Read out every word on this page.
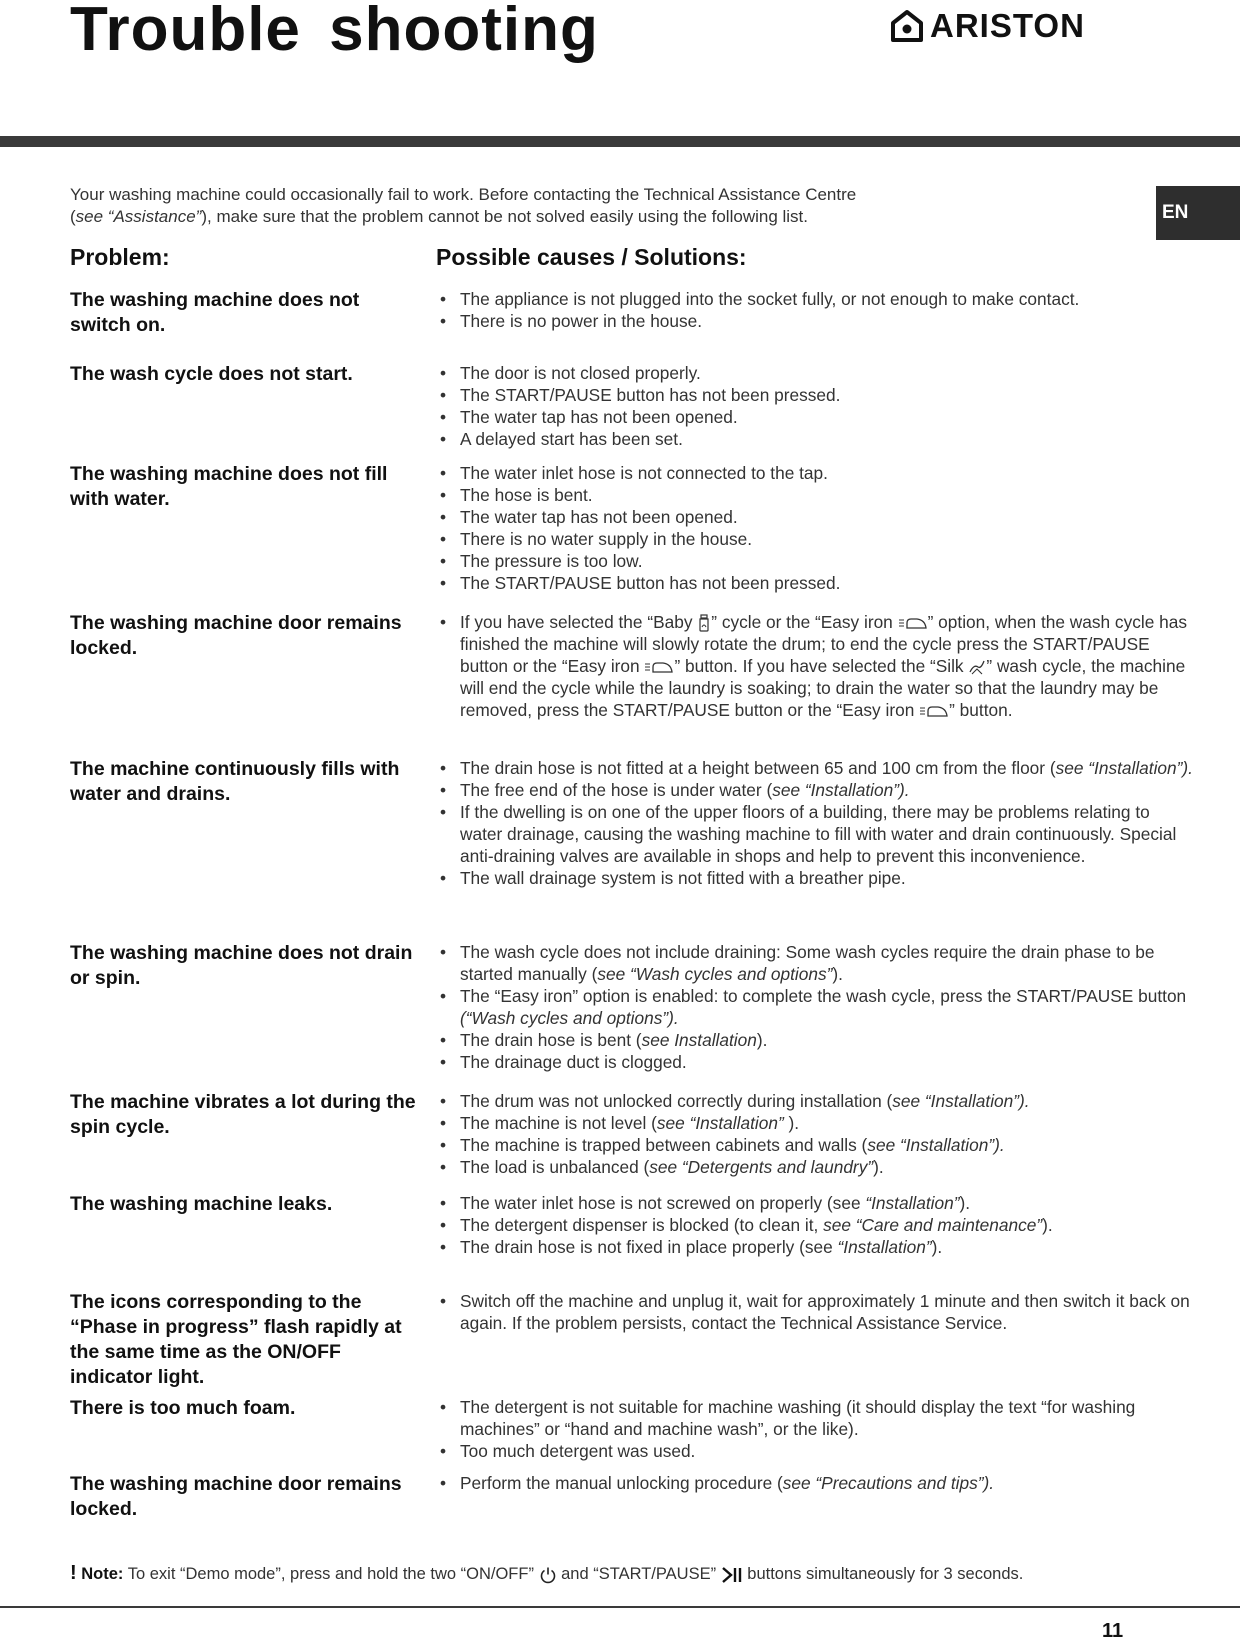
Trouble shooting	ARISTON
EN

Your washing machine could occasionally fail to work. Before contacting the Technical Assistance Centre

(see “Assistance”), make sure that the problem cannot be not solved easily using the following list.

Problem:	Possible causes / Solutions:
The washing machine does not switch on.
• The appliance is not plugged into the socket fully, or not enough to make contact.
• There is no power in the house.
The wash cycle does not start.	• The door is not closed properly.
• The START/PAUSE button has not been pressed.
• The water tap has not been opened.
• A delayed start has been set.
The washing machine does not fill with water.
• The water inlet hose is not connected to the tap.
• The hose is bent.
• The water tap has not been opened.
• There is no water supply in the house.
• The pressure is too low.
• The START/PAUSE button has not been pressed.
The washing machine door remains locked.
• If you have selected the “Baby ” cycle or the “Easy iron ” option, when the wash cycle has finished the machine will slowly rotate the drum; to end the cycle press the START/PAUSE button or the “Easy iron ” button. If you have selected the “Silk ” wash cycle, the machine will end the cycle while the laundry is soaking; to drain the water so that the laundry may be removed, press the START/PAUSE button or the “Easy iron ” button.
The machine continuously fills with water and drains.
• The drain hose is not fitted at a height between 65 and 100 cm from the floor (see “Installation”).
• The free end of the hose is under water (see “Installation”).
• If the dwelling is on one of the upper floors of a building, there may be problems relating to water drainage, causing the washing machine to fill with water and drain continuously. Special anti-draining valves are available in shops and help to prevent this inconvenience.
• The wall drainage system is not fitted with a breather pipe.
The washing machine does not drain or spin.
• The wash cycle does not include draining: Some wash cycles require the drain phase to be started manually (see “Wash cycles and options”).
• The “Easy iron” option is enabled: to complete the wash cycle, press the START/PAUSE button (“Wash cycles and options”).
• The drain hose is bent (see Installation).
• The drainage duct is clogged.
The machine vibrates a lot during the spin cycle.
• The drum was not unlocked correctly during installation (see “Installation”).
• The machine is not level (see “Installation” ).
• The machine is trapped between cabinets and walls (see “Installation”).
• The load is unbalanced (see “Detergents and laundry”).
The washing machine leaks.	• The water inlet hose is not screwed on properly (see “Installation”).
• The detergent dispenser is blocked (to clean it, see “Care and maintenance”).
• The drain hose is not fixed in place properly (see “Installation”).
The icons corresponding to the “Phase in progress” flash rapidly at the same time as the ON/OFF indicator light.
• Switch off the machine and unplug it, wait for approximately 1 minute and then switch it back on again. If the problem persists, contact the Technical Assistance Service.
There is too much foam.	• The detergent is not suitable for machine washing (it should display the text “for washing machines” or “hand and machine wash”, or the like).
• Too much detergent was used.
The washing machine door remains locked.
• Perform the manual unlocking procedure (see “Precautions and tips”).
! Note: To exit “Demo mode”, press and hold the two “ON/OFF”  and “START/PAUSE”  buttons simultaneously for 3 seconds.
11
